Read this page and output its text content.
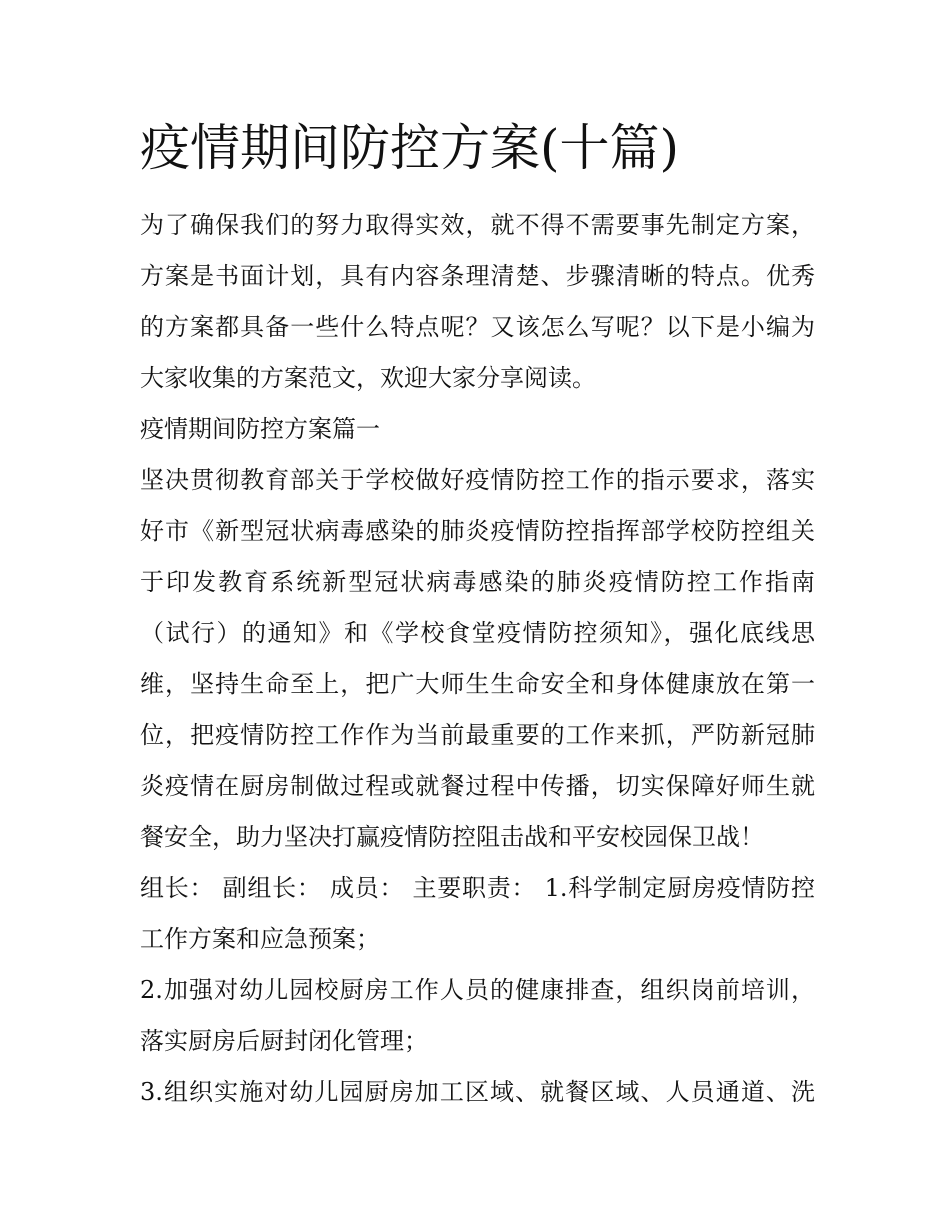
疫情期间防控方案(十篇)
为了确保我们的努力取得实效，就不得不需要事先制定方案，
方案是书面计划，具有内容条理清楚、步骤清晰的特点。优秀
的方案都具备一些什么特点呢？又该怎么写呢？以下是小编为
大家收集的方案范文，欢迎大家分享阅读。
疫情期间防控方案篇一
坚决贯彻教育部关于学校做好疫情防控工作的指示要求，落实
好市《新型冠状病毒感染的肺炎疫情防控指挥部学校防控组关
于印发教育系统新型冠状病毒感染的肺炎疫情防控工作指南
（试行）的通知》和《学校食堂疫情防控须知》，强化底线思
维，坚持生命至上，把广大师生生命安全和身体健康放在第一
位，把疫情防控工作作为当前最重要的工作来抓，严防新冠肺
炎疫情在厨房制做过程或就餐过程中传播，切实保障好师生就
餐安全，助力坚决打赢疫情防控阻击战和平安校园保卫战！
组长： 副组长： 成员： 主要职责： 1.科学制定厨房疫情防控
工作方案和应急预案；
2.加强对幼儿园校厨房工作人员的健康排查，组织岗前培训，
落实厨房后厨封闭化管理；
3.组织实施对幼儿园厨房加工区域、就餐区域、人员通道、洗
